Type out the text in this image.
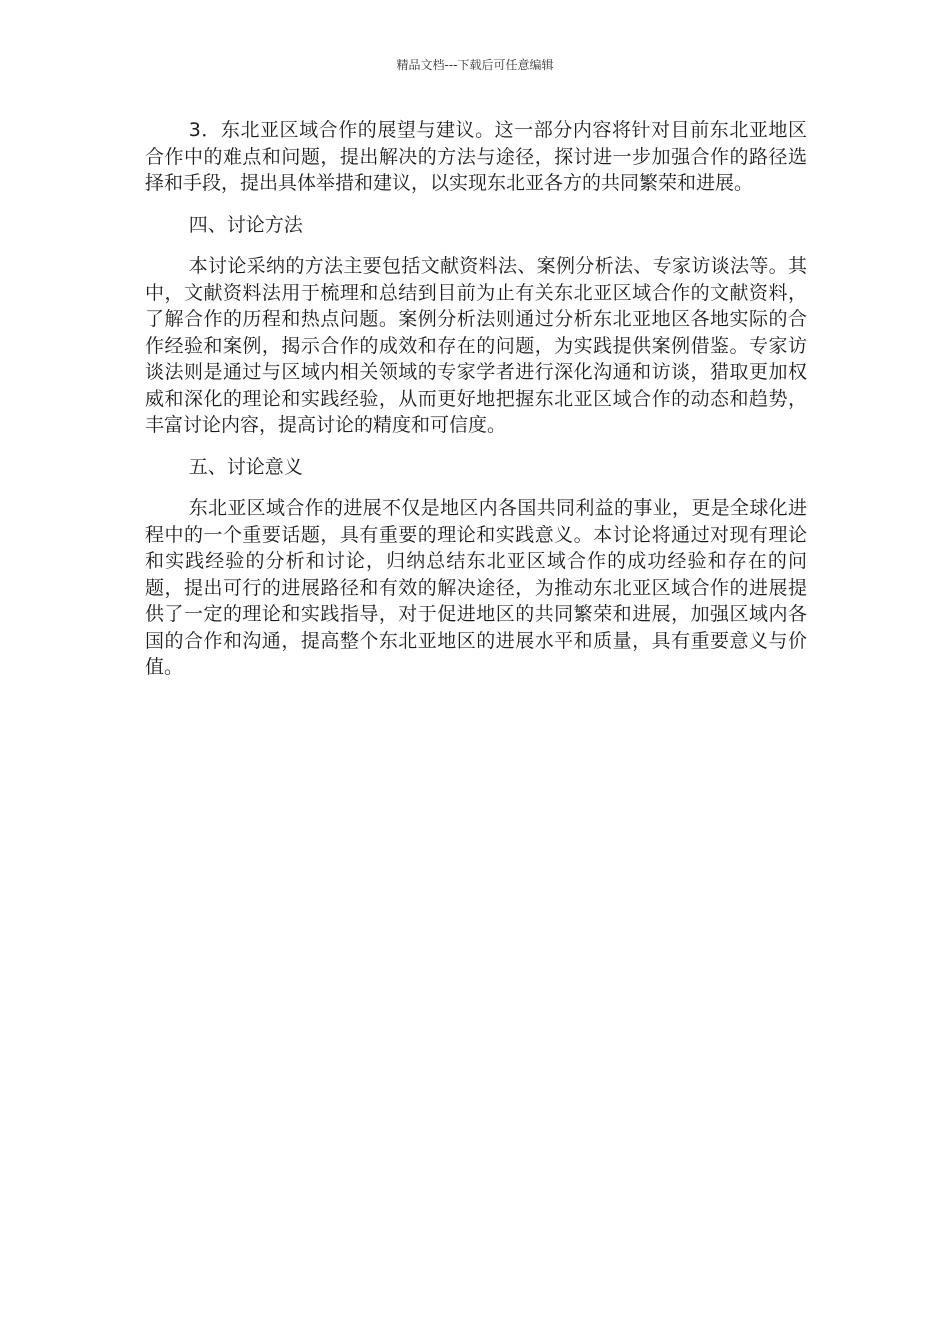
精品文档---下载后可任意编辑

3．东北亚区域合作的展望与建议。这一部分内容将针对目前东北亚地区合作中的难点和问题，提出解决的方法与途径，探讨进一步加强合作的路径选择和手段，提出具体举措和建议，以实现东北亚各方的共同繁荣和进展。

四、讨论方法

本讨论采纳的方法主要包括文献资料法、案例分析法、专家访谈法等。其中，文献资料法用于梳理和总结到目前为止有关东北亚区域合作的文献资料，了解合作的历程和热点问题。案例分析法则通过分析东北亚地区各地实际的合作经验和案例，揭示合作的成效和存在的问题，为实践提供案例借鉴。专家访谈法则是通过与区域内相关领域的专家学者进行深化沟通和访谈，猎取更加权威和深化的理论和实践经验，从而更好地把握东北亚区域合作的动态和趋势，丰富讨论内容，提高讨论的精度和可信度。

五、讨论意义

东北亚区域合作的进展不仅是地区内各国共同利益的事业，更是全球化进程中的一个重要话题，具有重要的理论和实践意义。本讨论将通过对现有理论和实践经验的分析和讨论，归纳总结东北亚区域合作的成功经验和存在的问题，提出可行的进展路径和有效的解决途径，为推动东北亚区域合作的进展提供了一定的理论和实践指导，对于促进地区的共同繁荣和进展，加强区域内各国的合作和沟通，提高整个东北亚地区的进展水平和质量，具有重要意义与价值。
